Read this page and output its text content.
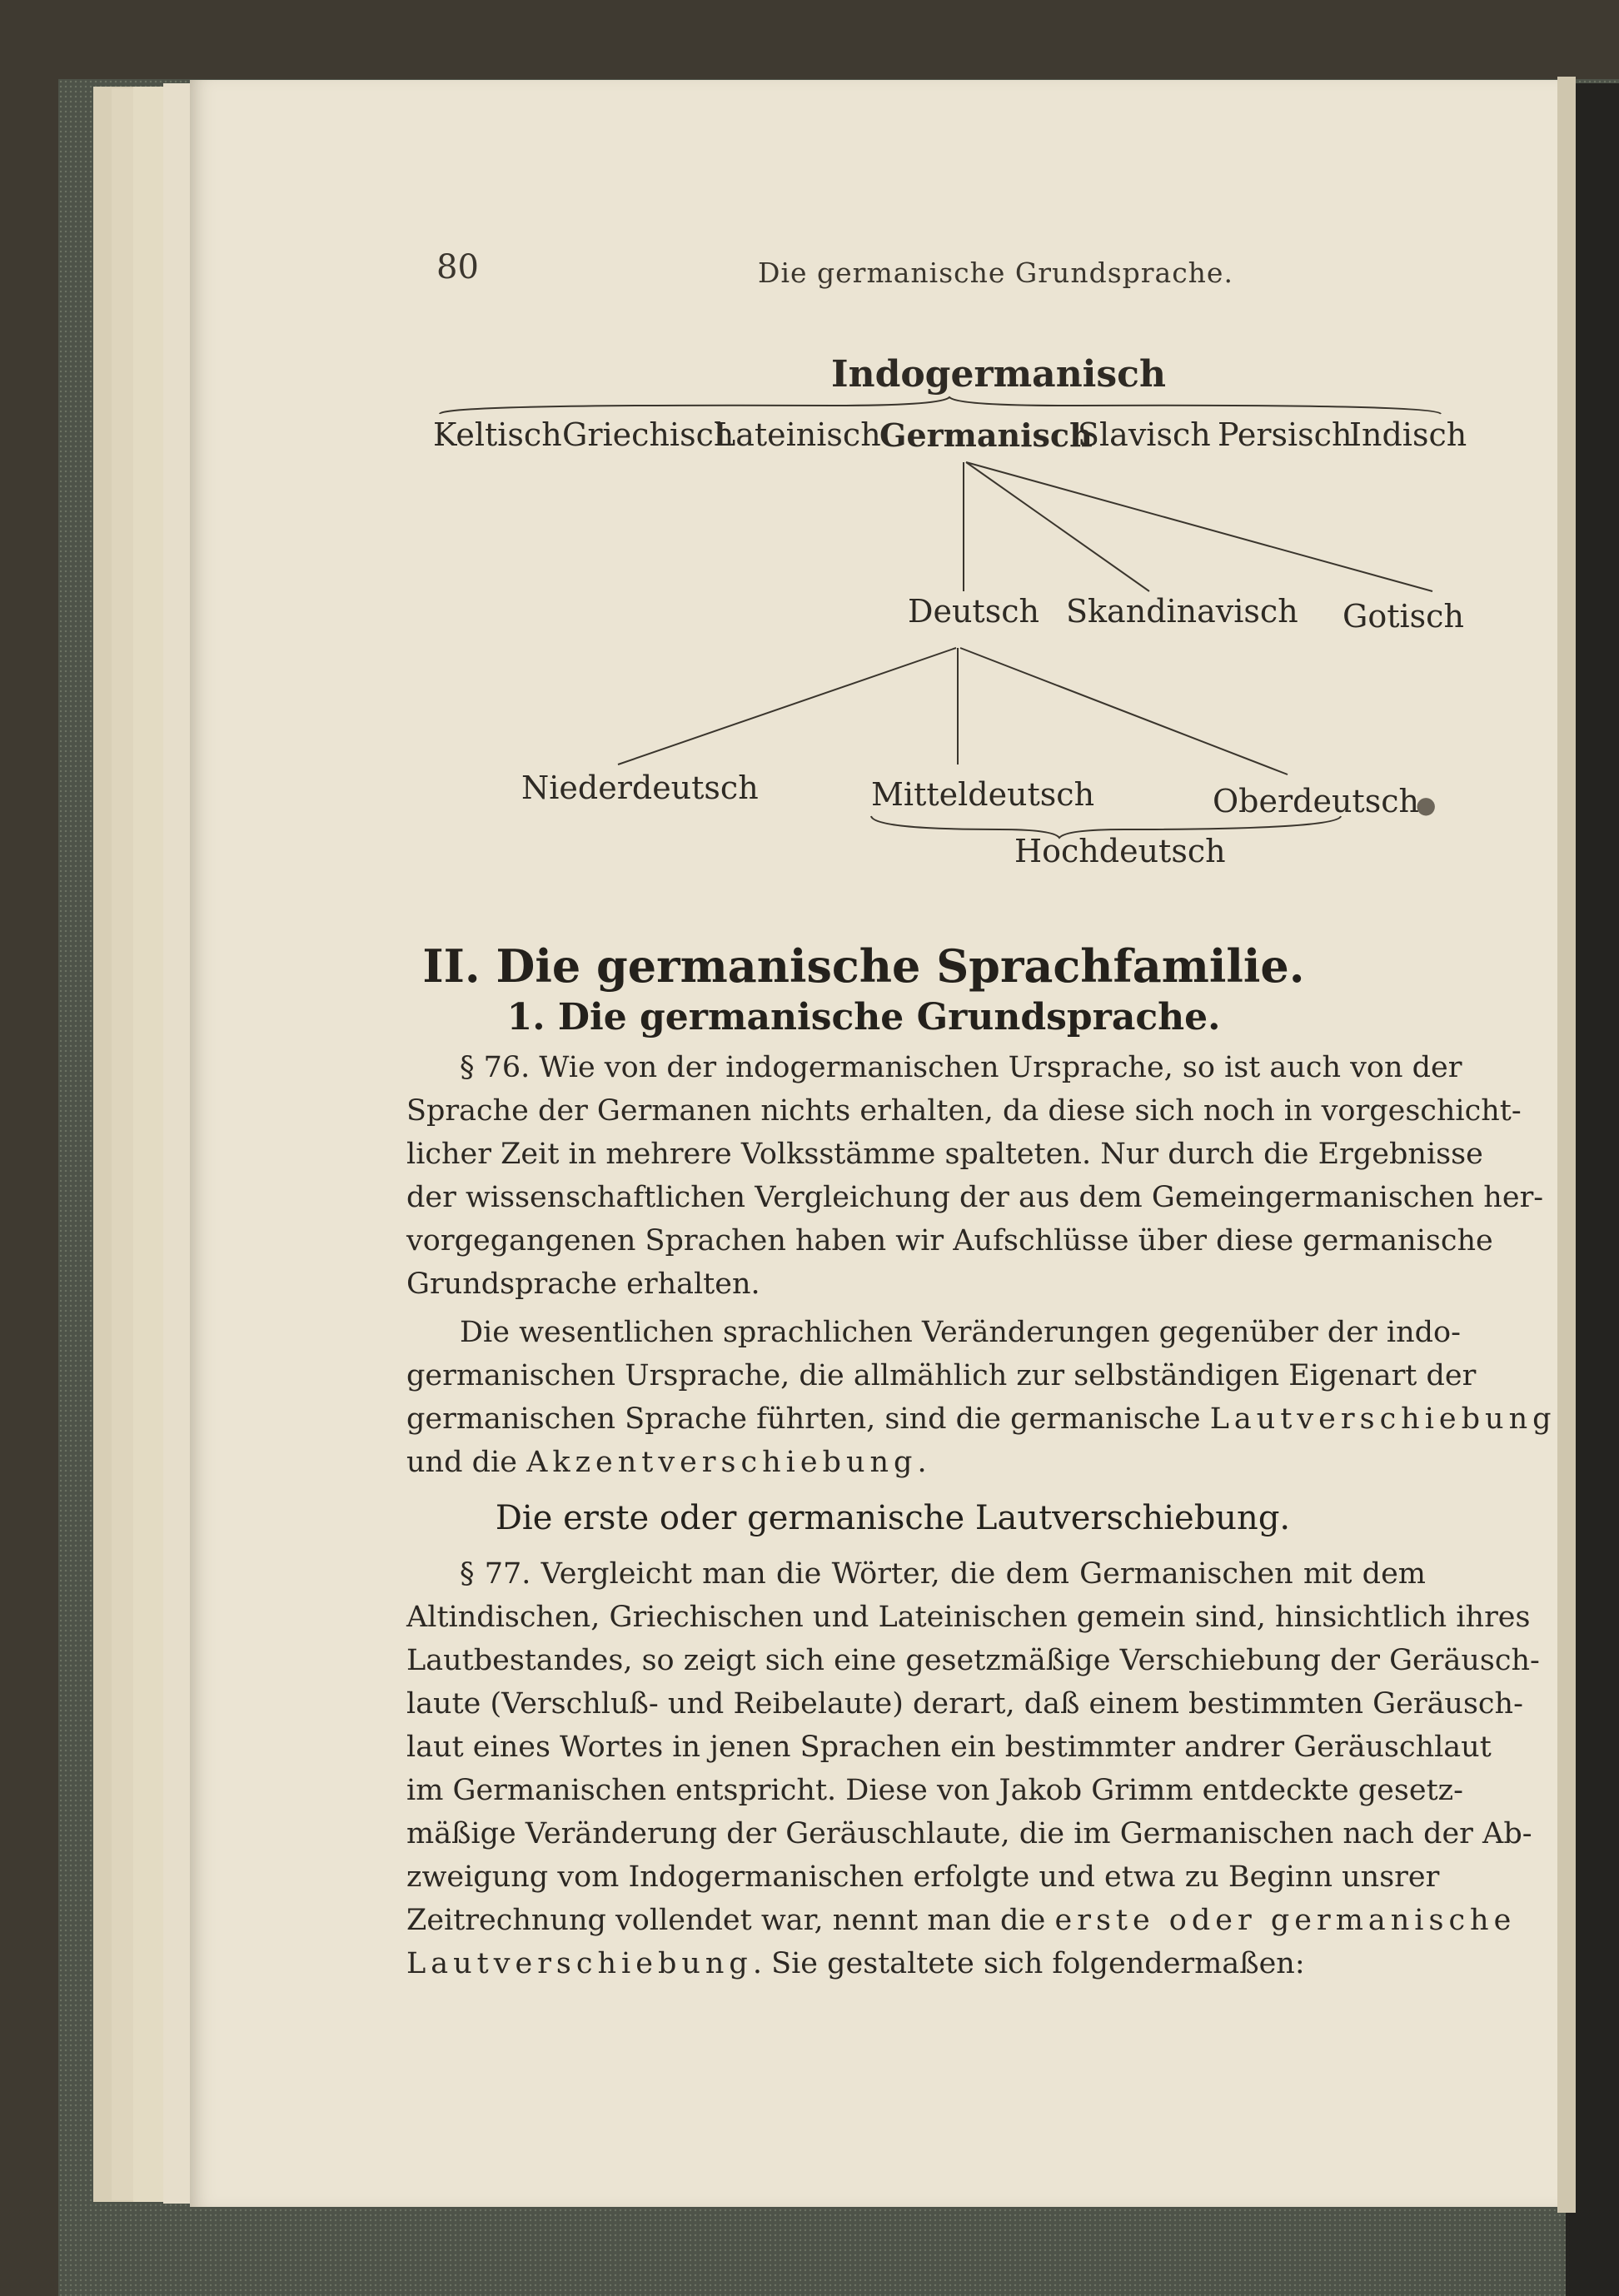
80	Die germanische Grundsprache.
Indogermanisch
Keltisch Griechisch
Lateinisch
Germanisch
Slavisch Persisch
Indisch
Deutsch Skandinavisch Gotisch
Niederdeutsch	Mitteldeutsch	Oberdeutsch
Hochdeutsch
●
II. Die germanische Sprachfamilie.
1. Die germanische Grundsprache.
§ 76. Wie von der indogermanischen Ursprache, so ist auch von der
Sprache der Germanen nichts erhalten, da diese sich noch in vorgeschicht-
licher Zeit in mehrere Volksstämme spalteten. Nur durch die Ergebnisse
der wissenschaftlichen Vergleichung der aus dem Gemeingermanischen her-
vorgegangenen Sprachen haben wir Aufschlüsse über diese germanische
Grundsprache erhalten.
Die wesentlichen sprachlichen Veränderungen gegenüber der indo-
germanischen Ursprache, die allmählich zur selbständigen Eigenart der
germanischen Sprache führten, sind die germanische Lautverschiebung
und die Akzentverschiebung.
Die erste oder germanische Lautverschiebung.
§ 77. Vergleicht man die Wörter, die dem Germanischen mit dem
Altindischen, Griechischen und Lateinischen gemein sind, hinsichtlich ihres
Lautbestandes, so zeigt sich eine gesetzmäßige Verschiebung der Geräusch-
laute (Verschluß- und Reibelaute) derart, daß einem bestimmten Geräusch-
laut eines Wortes in jenen Sprachen ein bestimmter andrer Geräuschlaut
im Germanischen entspricht. Diese von Jakob Grimm entdeckte gesetz-
mäßige Veränderung der Geräuschlaute, die im Germanischen nach der Ab-
zweigung vom Indogermanischen erfolgte und etwa zu Beginn unsrer
Zeitrechnung vollendet war, nennt man die erste oder germanische
Lautverschiebung. Sie gestaltete sich folgendermaßen:
